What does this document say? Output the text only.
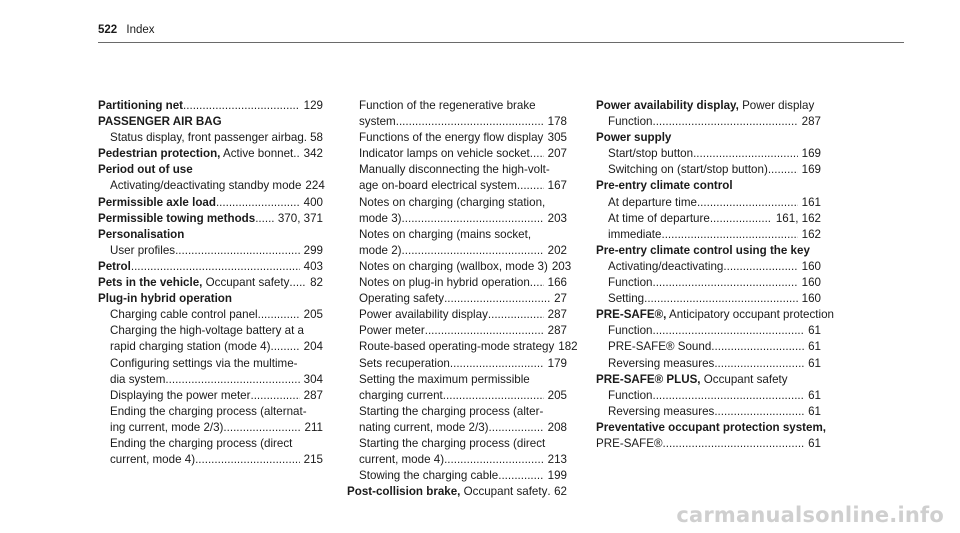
522 Index
Partitioning net .....	129
PASSENGER AIR BAG
Status display, front passenger airbag ..... 58
Pedestrian protection, Active bonnet ..... 342
Period out of use
Activating/deactivating standby mode 224
Permissible axle load .....	400
Permissible towing methods .....	370, 371
Personalisation
User profiles .....	299
Petrol .....	403
Pets in the vehicle, Occupant safety .....	82
Plug-in hybrid operation
Charging cable control panel .....	205
Charging the high-voltage battery at a
rapid charging station (mode 4) .....	204
Configuring settings via the multime-
dia system .....	304
Displaying the power meter .....	287
Ending the charging process (alternat-
ing current, mode 2/3) .....	211
Ending the charging process (direct
current, mode 4) .....	215
Function of the regenerative brake
system .....	178
Functions of the energy flow display ..... 305
Indicator lamps on vehicle socket .....	207
Manually disconnecting the high-volt-
age on-board electrical system .....	167
Notes on charging (charging station,
mode 3) .....	203
Notes on charging (mains socket,
mode 2) .....	202
Notes on charging (wallbox, mode 3) 203
Notes on plug-in hybrid operation .....	166
Operating safety .....	27
Power availability display .....	287
Power meter .....	287
Route-based operating-mode strategy 182
Sets recuperation .....	179
Setting the maximum permissible
charging current .....	205
Starting the charging process (alter-
nating current, mode 2/3) .....	208
Starting the charging process (direct
current, mode 4) .....	213
Stowing the charging cable .....	199
Post-collision brake, Occupant safety ..... 62
Power availability display, Power display
Function .....	287
Power supply
Start/stop button .....	169
Switching on (start/stop button) .....	169
Pre-entry climate control
At departure time .....	161
At time of departure .....	161, 162
immediate .....	162
Pre-entry climate control using the key
Activating/deactivating .....	160
Function .....	160
Setting .....	160
PRE-SAFE®, Anticipatory occupant protection
Function .....	61
PRE-SAFE® Sound .....	61
Reversing measures .....	61
PRE-SAFE® PLUS, Occupant safety
Function .....	61
Reversing measures .....	61
Preventative occupant protection system,
PRE-SAFE® .....	61
carmanualsonline.info
